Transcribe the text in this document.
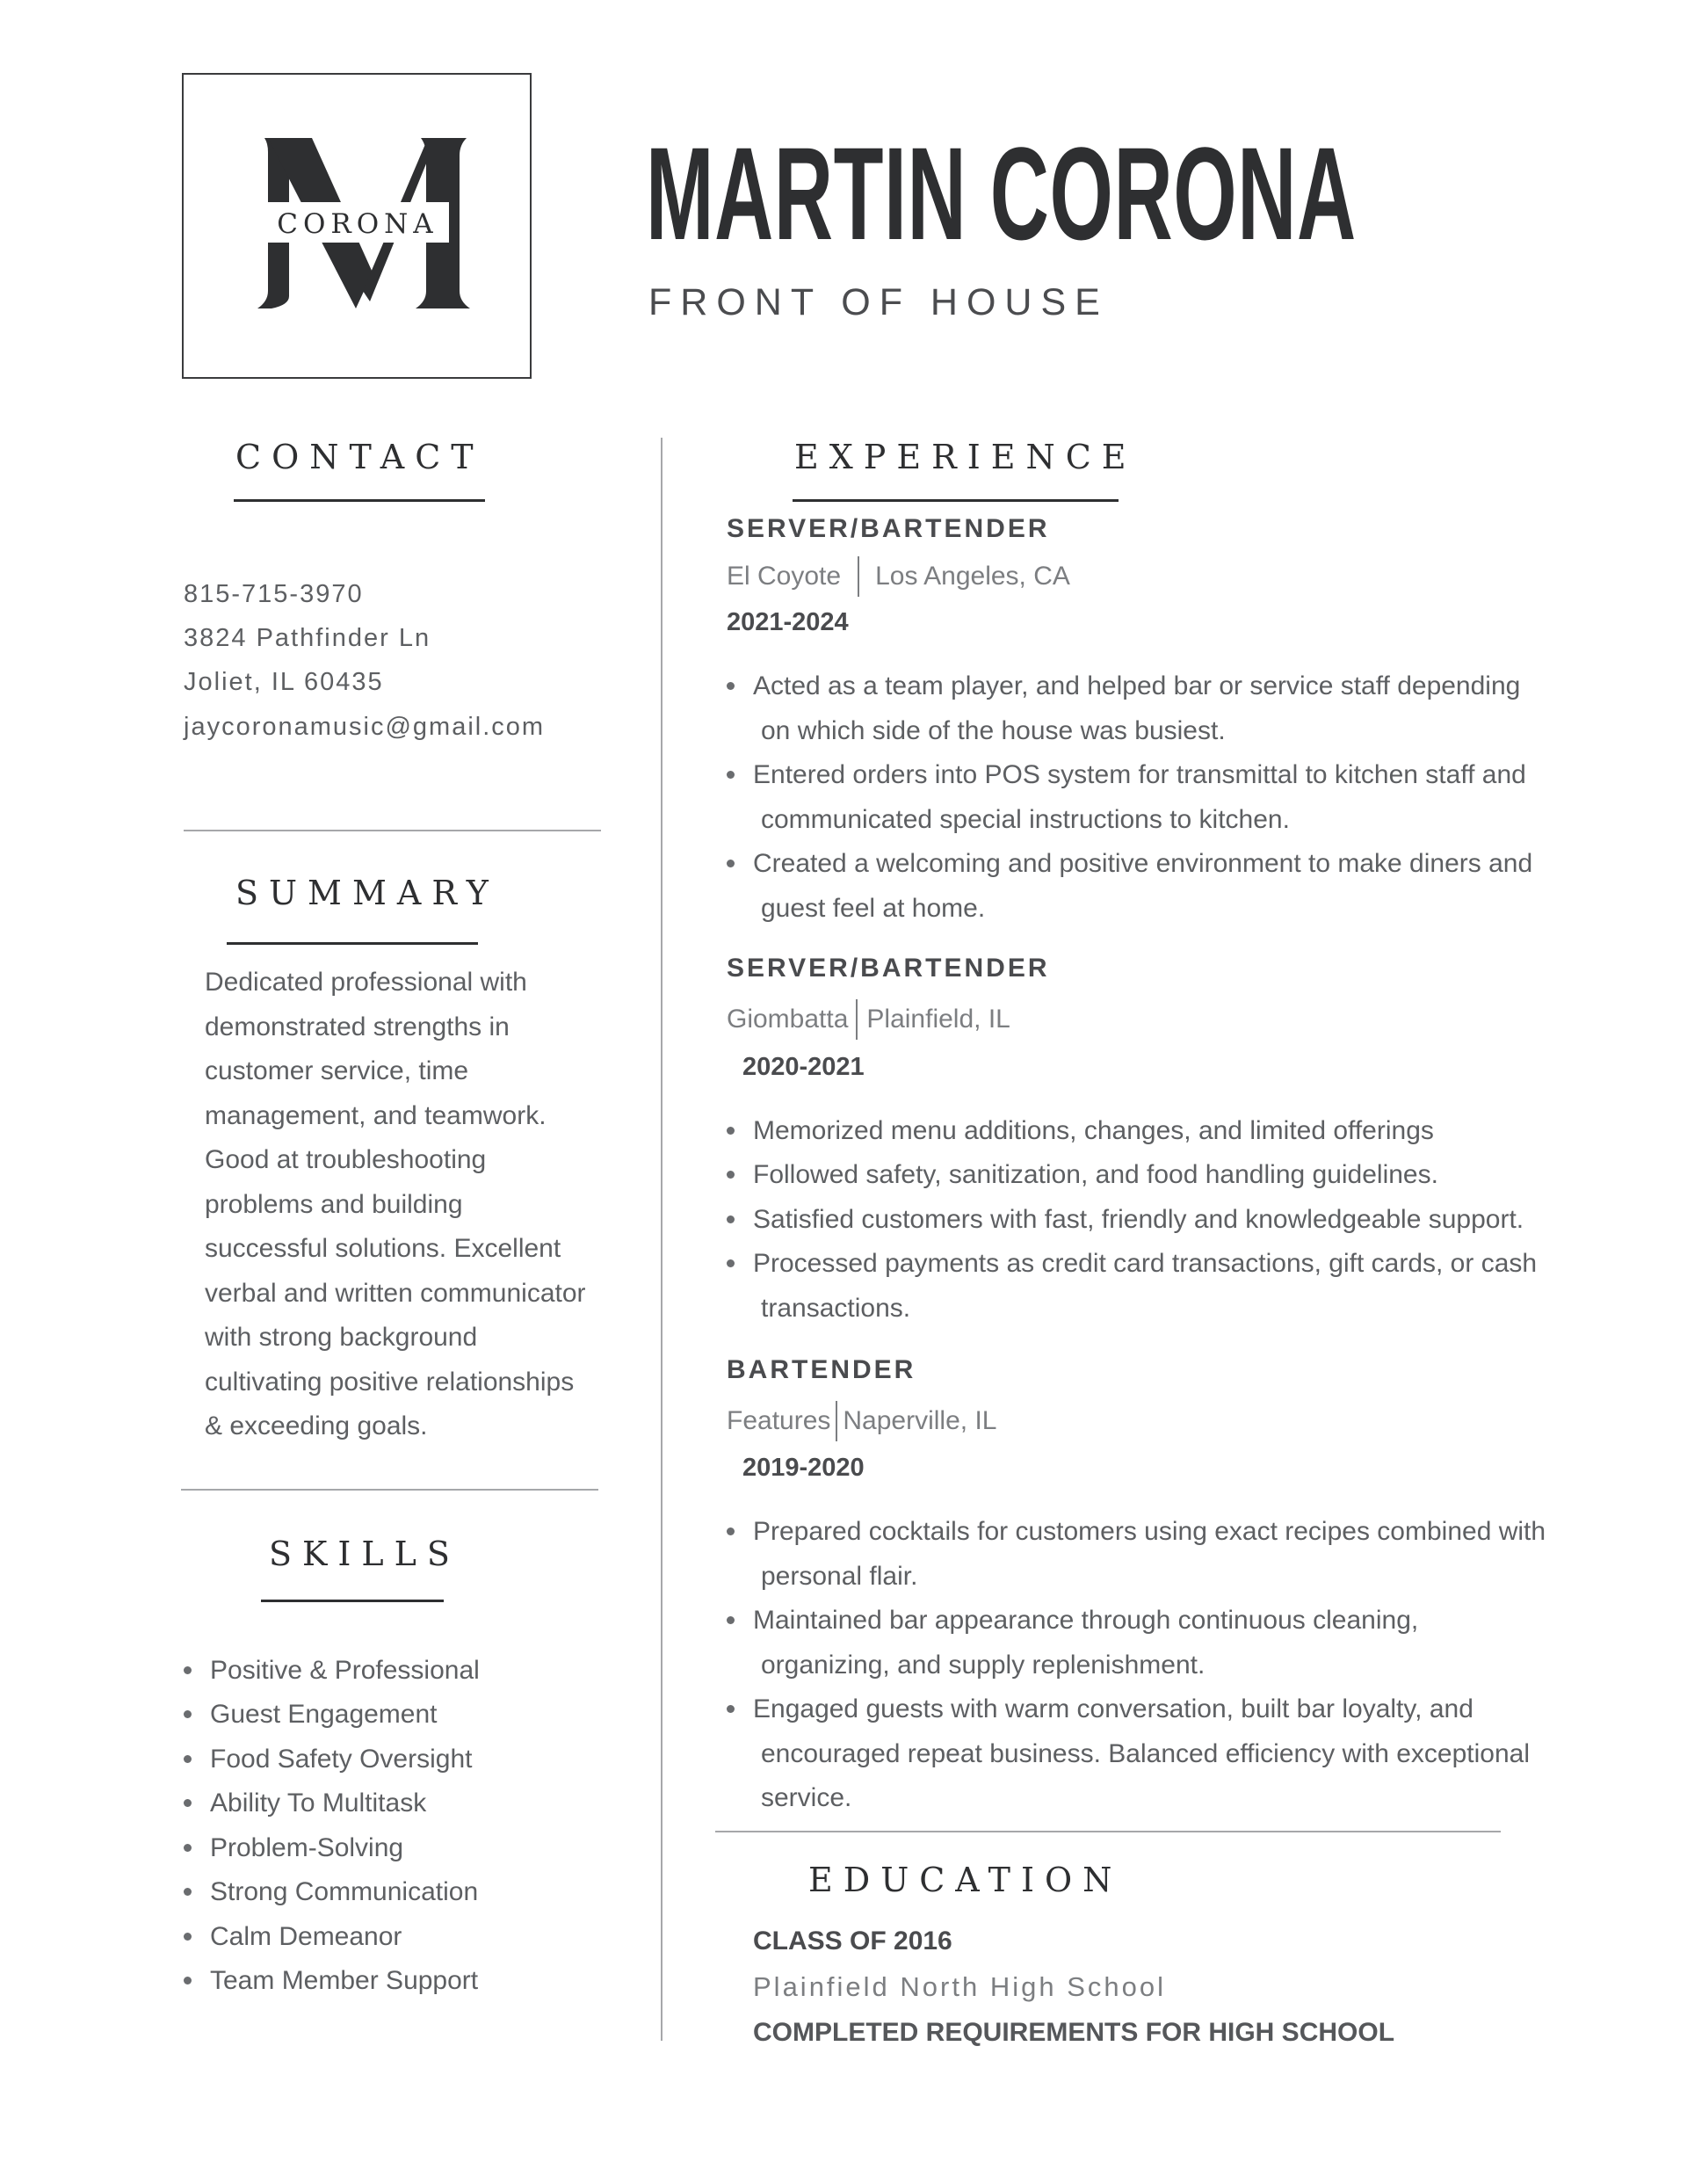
CORONA MARTIN CORONA
FRONT OF HOUSE
CONTACT
815-715-3970
3824 Pathfinder Ln
Joliet, IL 60435
jaycoronamusic@gmail.com
SUMMARY
Dedicated professional with demonstrated strengths in customer service, time management, and teamwork. Good at troubleshooting problems and building successful solutions. Excellent verbal and written communicator with strong background cultivating positive relationships & exceeding goals.
SKILLS
Positive & Professional
Guest Engagement
Food Safety Oversight
Ability To Multitask
Problem-Solving
Strong Communication
Calm Demeanor
Team Member Support
EXPERIENCE
SERVER/BARTENDER
El Coyote Los Angeles, CA
2021-2024
Acted as a team player, and helped bar or service staff depending on which side of the house was busiest.
Entered orders into POS system for transmittal to kitchen staff and communicated special instructions to kitchen.
Created a welcoming and positive environment to make diners and guest feel at home.
SERVER/BARTENDER
Giombatta Plainfield, IL
2020-2021
Memorized menu additions, changes, and limited offerings
Followed safety, sanitization, and food handling guidelines.
Satisfied customers with fast, friendly and knowledgeable support.
Processed payments as credit card transactions, gift cards, or cash transactions.
BARTENDER
Features Naperville, IL
2019-2020
Prepared cocktails for customers using exact recipes combined with personal flair.
Maintained bar appearance through continuous cleaning, organizing, and supply replenishment.
Engaged guests with warm conversation, built bar loyalty, and encouraged repeat business. Balanced efficiency with exceptional service.
EDUCATION
CLASS OF 2016
Plainfield North High School
COMPLETED REQUIREMENTS FOR HIGH SCHOOL
